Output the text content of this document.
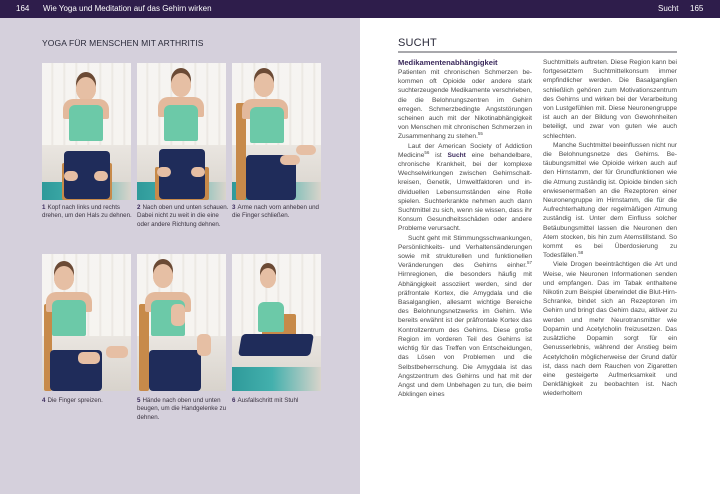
164 Wie Yoga und Meditation auf das Gehirn wirken	Sucht 165
YOGA FÜR MENSCHEN MIT ARTHRITIS
1 Kopf nach links und rechts drehen, um den Hals zu dehnen.
2 Nach oben und unten schauen. Dabei nicht zu weit in die eine oder andere Richtung dehnen.
3 Arme nach vorn anheben und die Finger schließen.
4 Die Finger spreizen.	5 Hände nach oben und unten beugen, um die Handgelenke zu dehnen.
6 Ausfallschritt mit Stuhl
SUCHT
Medikamentenabhängigkeit

Patienten mit chronischen Schmerzen bekommen oft Opioide oder andere stark suchterzeugende Medikamente verschrieben, die die Belohnungszentren im Gehirn erregen. Schmerzbedingte Angststörungen scheinen auch mit der Nikotinabhängigkeit von Menschen mit chronischen Schmerzen in Zusammenhang zu stehen.$^{55}$

Laut der American Society of Addiction Medicine$^{56}$ ist Sucht eine behandelbare, chronische Krankheit, bei der komplexe Wechselwirkungen zwischen Gehirnschaltkreisen, Genetik, Umweltfaktoren und individuellen Lebensumständen eine Rolle spielen. Suchterkrankte nehmen auch dann Suchtmittel zu sich, wenn sie wissen, dass ihr Konsum Gesundheitsschäden oder andere Probleme verursacht.

Sucht geht mit Stimmungsschwankungen, Persönlichkeits- und Verhaltensänderungen sowie mit strukturellen und funktionellen Veränderungen des Gehirns einher.$^{57}$ Hirnregionen, die besonders häufig mit Abhängigkeit assoziiert werden, sind der präfrontale Kortex, die Amygdala und die Basalganglien, allesamt wichtige Bereiche des Belohnungsnetzwerks im Gehirn. Wie bereits erwähnt ist der präfrontale Kortex das Kontrollzentrum des Gehirns. Diese große Region im vorderen Teil des Gehirns ist wichtig für das Treffen von Entscheidungen, das Lösen von Problemen und die Selbstbeherrschung. Die Amygdala ist das Angstzentrum des Gehirns und hat mit der Angst und dem Unbehagen zu tun, die beim Abklingen eines

Suchtmittels auftreten. Diese Region kann bei fortgesetztem Suchtmittelkonsum immer empfindlicher werden. Die Basalganglien schließlich gehören zum Motivationszentrum des Gehirns und wirken bei der Verarbeitung von Lustgefühlen mit. Diese Neuronengruppe ist auch an der Bildung von Gewohnheiten beteiligt, und zwar von guten wie auch schlechten.

Manche Suchtmittel beeinflussen nicht nur die Belohnungsnetze des Gehirns. Betäubungsmittel wie Opioide wirken auch auf den Hirnstamm, der für Grundfunktionen wie die Atmung zuständig ist. Opioide binden sich erwiesenermaßen an die Rezeptoren einer Neuronengruppe im Hirnstamm, die für die Aufrechterhaltung der regelmäßigen Atmung zuständig ist. Unter dem Einfluss solcher Betäubungsmittel lassen die Neuronen den Atem stocken, bis hin zum Atemstillstand. So kommt es bei Überdosierung zu Todesfällen.$^{58}$

Viele Drogen beeinträchtigen die Art und Weise, wie Neuronen Informationen senden und empfangen. Das im Tabak enthaltene Nikotin zum Beispiel überwindet die Blut-Hirn-Schranke, bindet sich an Rezeptoren im Gehirn und bringt das Gehirn dazu, aktiver zu werden und mehr Neurotransmitter wie Dopamin und Acetylcholin freizusetzen. Das zusätzliche Dopamin sorgt für ein Genusserlebnis, während der Anstieg beim Acetylcholin möglicherweise der Grund dafür ist, dass nach dem Rauchen von Zigaretten eine gesteigerte Aufmerksamkeit und Denkfähigkeit zu beobachten ist. Nach wiederholtem
